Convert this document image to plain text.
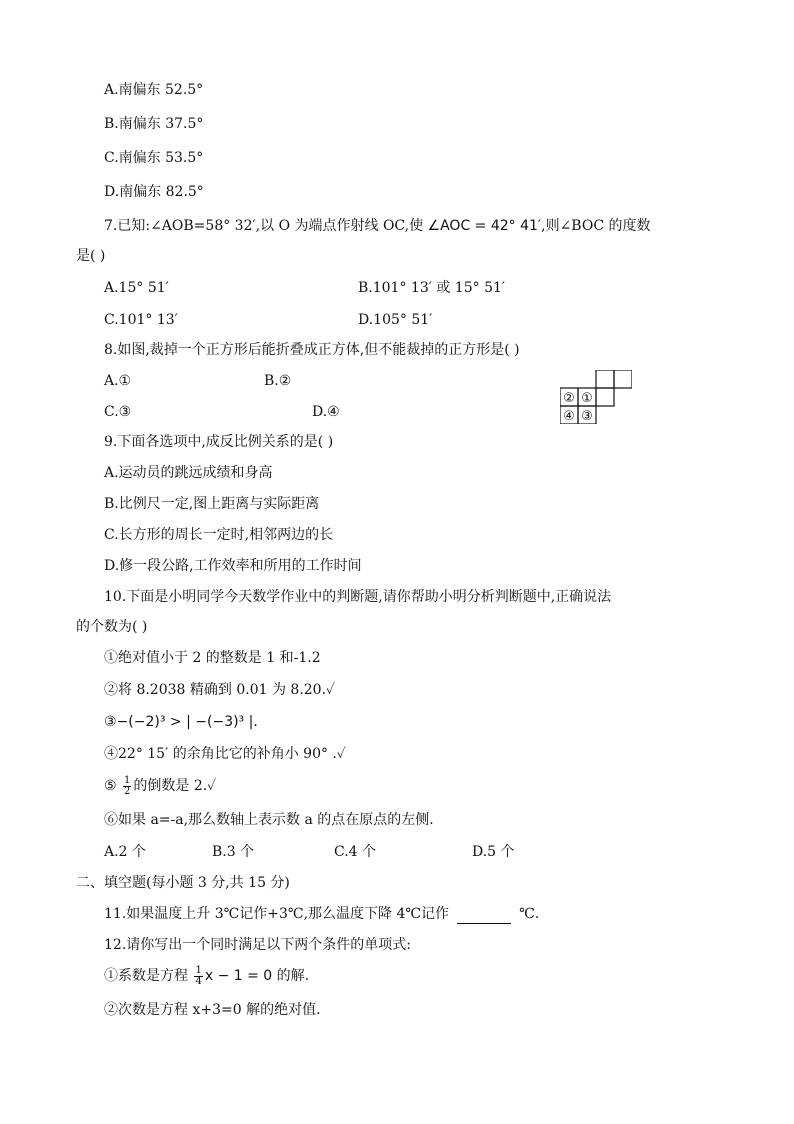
A.南偏东 52.5°
B.南偏东 37.5°
C.南偏东 53.5°
D.南偏东 82.5°
7.已知:∠AOB=58° 32′,以 O 为端点作射线 OC,使 ∠AOC = 42° 41′,则∠BOC 的度数
是( )
A.15° 51′	B.101° 13′ 或 15° 51′
C.101° 13′	D.105° 51′
8.如图,裁掉一个正方形后能折叠成正方体,但不能裁掉的正方形是( )
A.①	B.②
C.③	D.④
② ①
④ ③
9.下面各选项中,成反比例关系的是( )
A.运动员的跳远成绩和身高
B.比例尺一定,图上距离与实际距离
C.长方形的周长一定时,相邻两边的长
D.修一段公路,工作效率和所用的工作时间
10.下面是小明同学今天数学作业中的判断题,请你帮助小明分析判断题中,正确说法
的个数为( )
①绝对值小于 2 的整数是 1 和-1.2
②将 8.2038 精确到 0.01 为 8.20.✓
③−(−2)³ > | −(−3)³ |.
④22° 15′ 的余角比它的补角小 90° .✓
⑤ $\frac{1}{2}$ 的倒数是 2.✓
⑥如果 a=-a,那么数轴上表示数 a 的点在原点的左侧.
A.2 个	B.3 个	C.4 个	D.5 个
二、填空题(每小题 3 分,共 15 分)
11.如果温度上升 3℃记作+3℃,那么温度下降 4℃记作	℃.
12.请你写出一个同时满足以下两个条件的单项式:
①系数是方程 $\frac{1}{4}$ x − 1 = 0 的解.
②次数是方程 x+3=0 解的绝对值.
